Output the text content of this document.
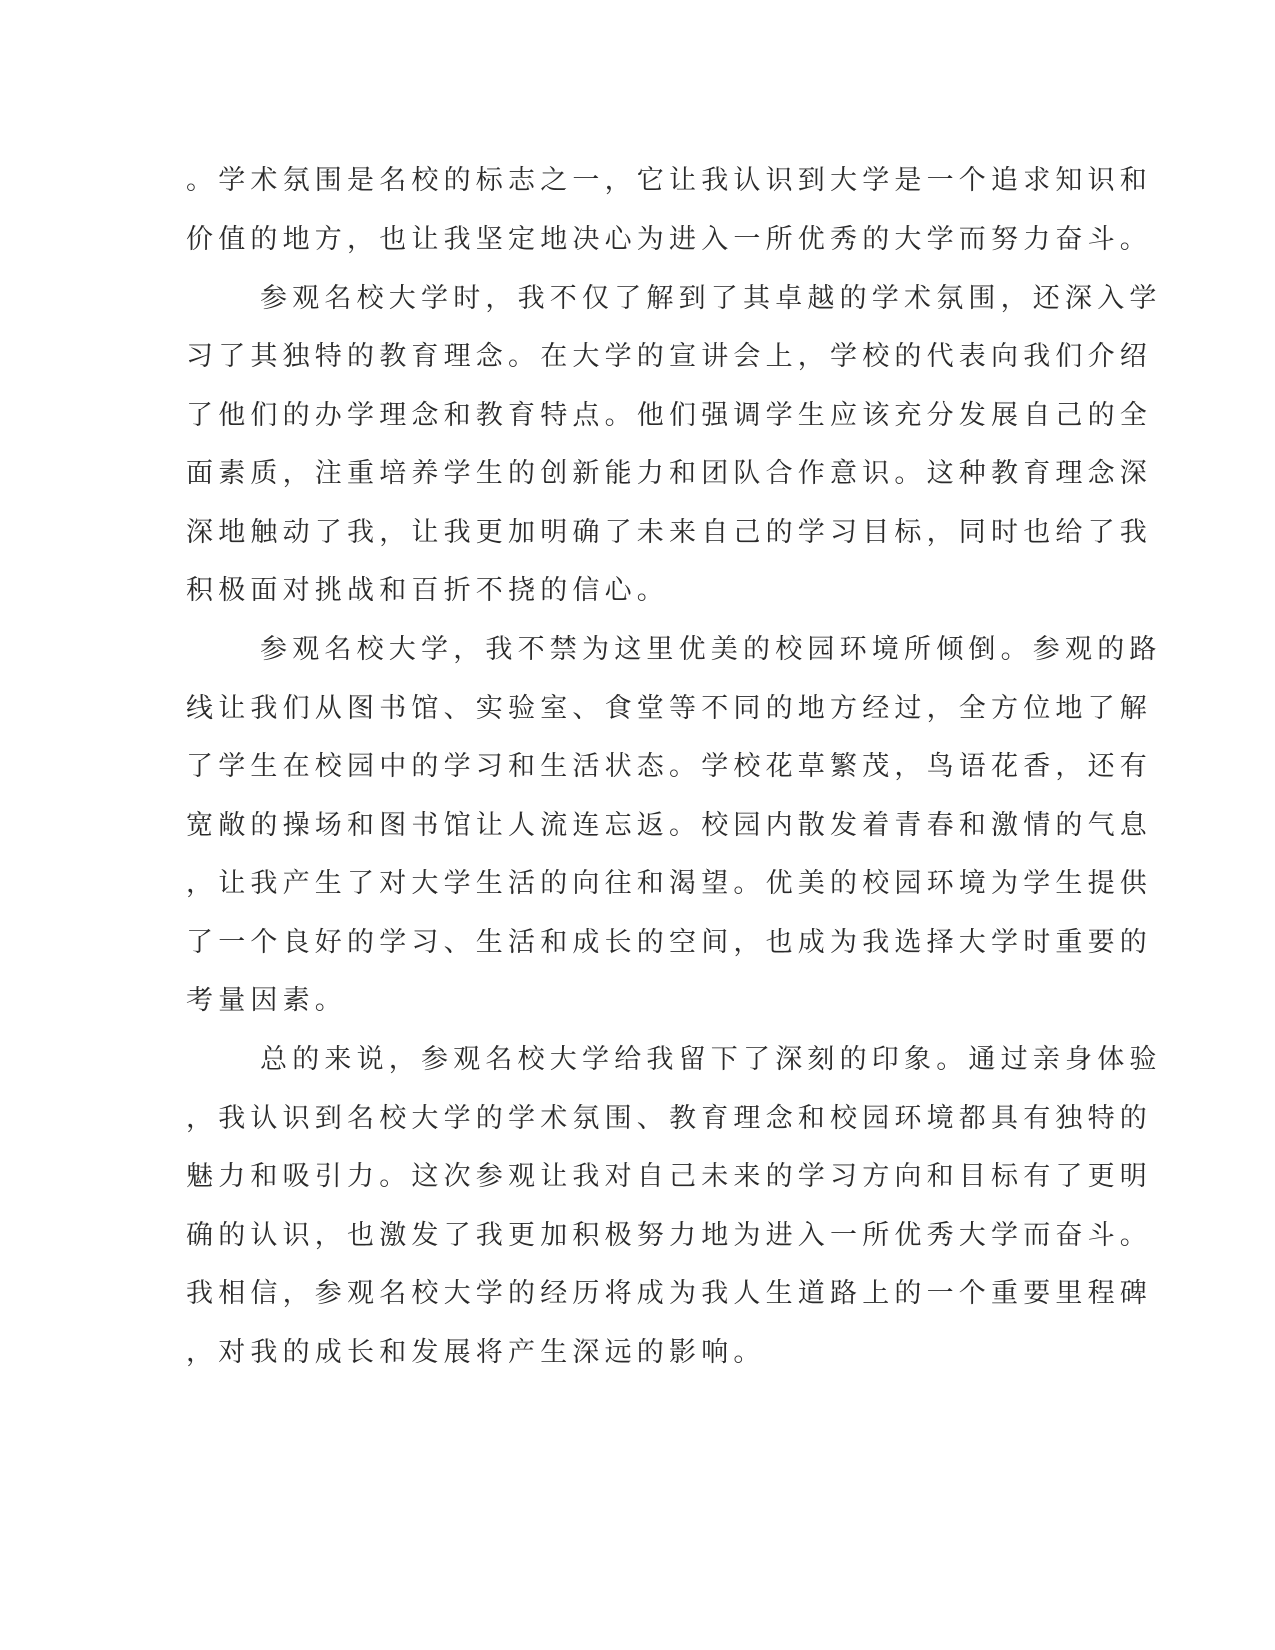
。学术氛围是名校的标志之一，它让我认识到大学是一个追求知识和
价值的地方，也让我坚定地决心为进入一所优秀的大学而努力奋斗。
参观名校大学时，我不仅了解到了其卓越的学术氛围，还深入学
习了其独特的教育理念。在大学的宣讲会上，学校的代表向我们介绍
了他们的办学理念和教育特点。他们强调学生应该充分发展自己的全
面素质，注重培养学生的创新能力和团队合作意识。这种教育理念深
深地触动了我，让我更加明确了未来自己的学习目标，同时也给了我
积极面对挑战和百折不挠的信心。
参观名校大学，我不禁为这里优美的校园环境所倾倒。参观的路
线让我们从图书馆、实验室、食堂等不同的地方经过，全方位地了解
了学生在校园中的学习和生活状态。学校花草繁茂，鸟语花香，还有
宽敞的操场和图书馆让人流连忘返。校园内散发着青春和激情的气息
，让我产生了对大学生活的向往和渴望。优美的校园环境为学生提供
了一个良好的学习、生活和成长的空间，也成为我选择大学时重要的
考量因素。
总的来说，参观名校大学给我留下了深刻的印象。通过亲身体验
，我认识到名校大学的学术氛围、教育理念和校园环境都具有独特的
魅力和吸引力。这次参观让我对自己未来的学习方向和目标有了更明
确的认识，也激发了我更加积极努力地为进入一所优秀大学而奋斗。
我相信，参观名校大学的经历将成为我人生道路上的一个重要里程碑
，对我的成长和发展将产生深远的影响。
